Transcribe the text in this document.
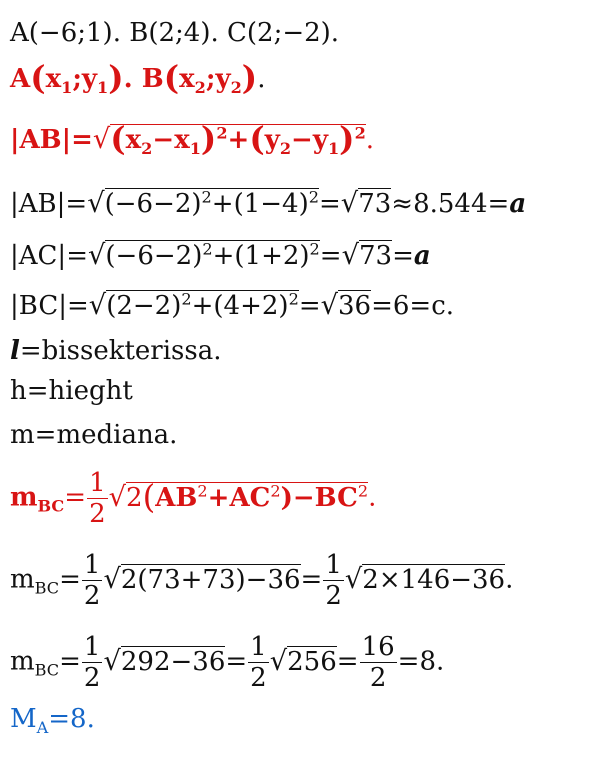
A(−6;1). B(2;4). C(2;−2).
$A(x_1;y_1)$. $B(x_2;y_2)$.
$|AB|=√(x_2-x_1)^2+(y_2-y_1)^2$.
$|AB|=√(-6-2)^2+(1-4)^2=√73\approx 8.544=a$
$|AC|=√(-6-2)^2+(1+2)^2=√73=a$
$|BC|=√(2-2)^2+(4+2)^2=√36=6=c$.
l=bissekterissa.
h=hieght
m=mediana.
$m_{BC}= \frac{1}{2} √2(AB^2+AC^2)-BC^2$.
$m_{BC}= \frac{1}{2} √2(73+73)-36= \frac{1}{2} √2\times 146-36$.
$m_{BC}= \frac{1}{2} √292-36= \frac{1}{2} √256= \frac{16}{2} =8$.
$M_A=8$.
